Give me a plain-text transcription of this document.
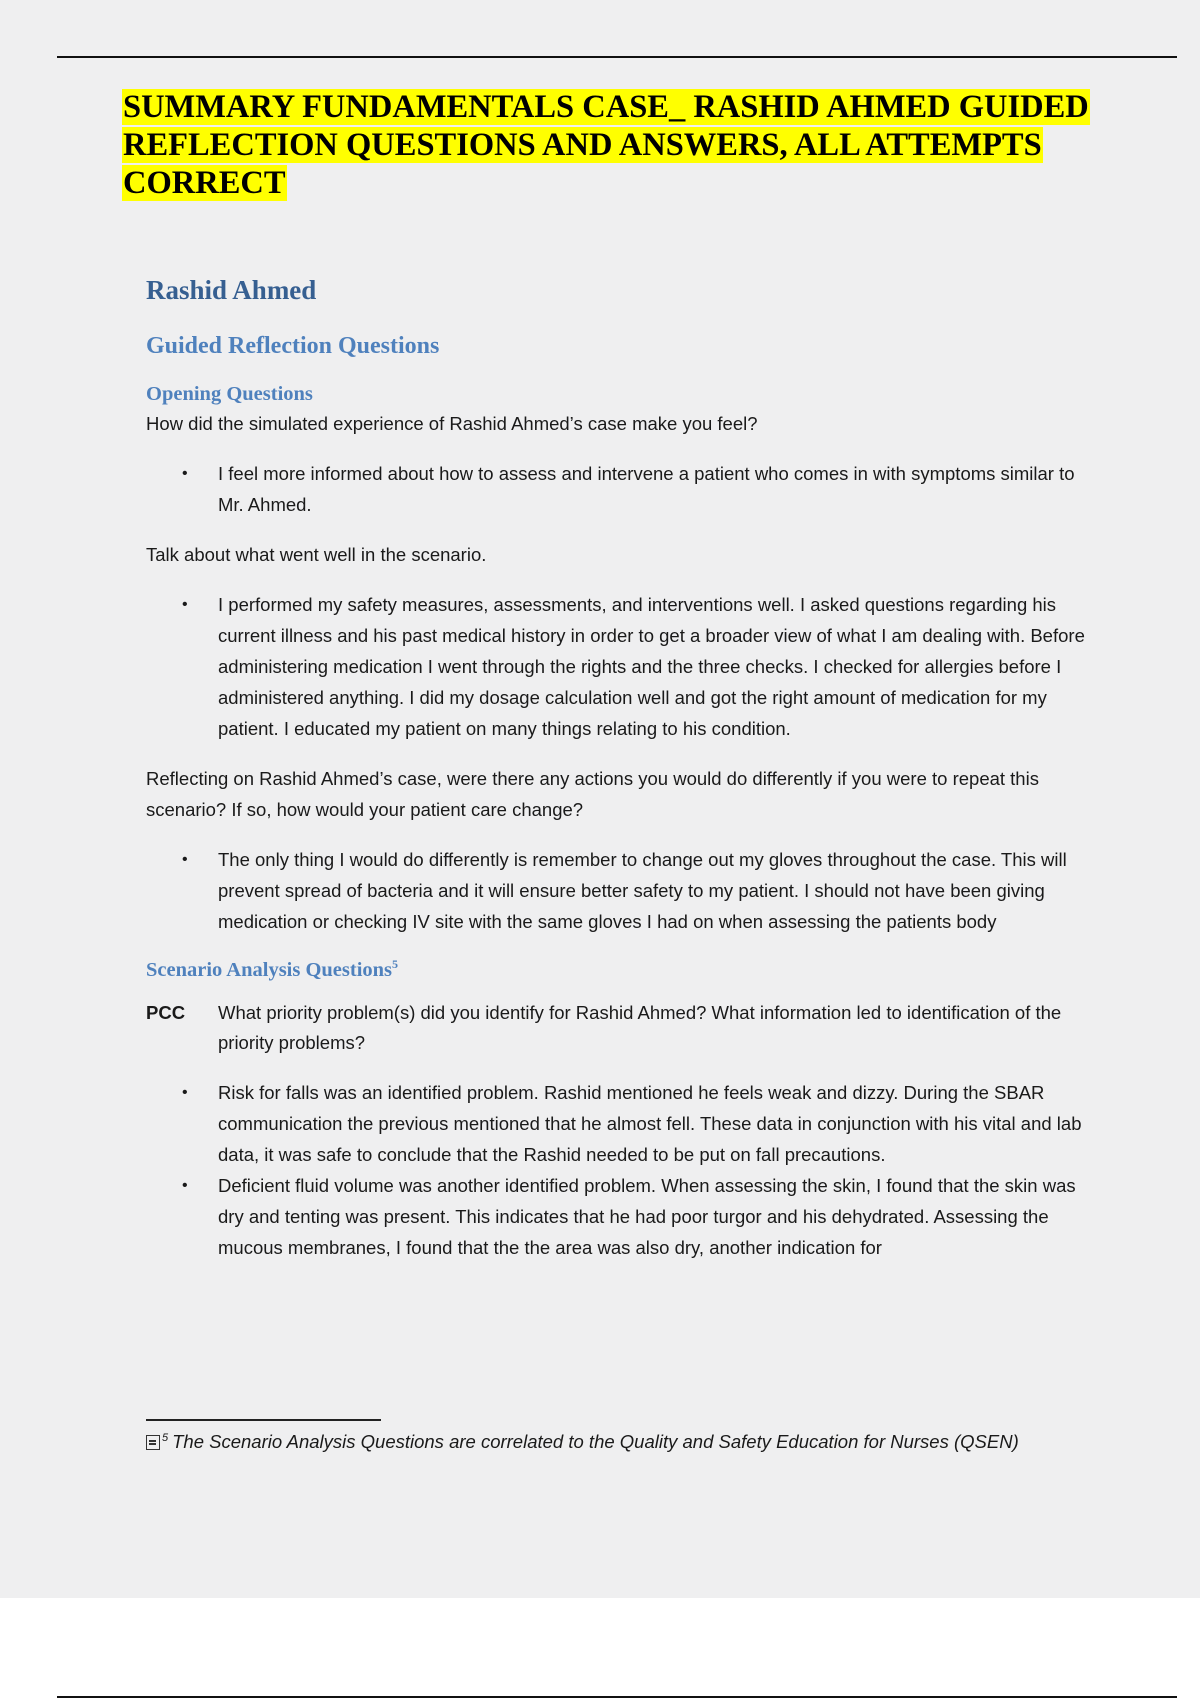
SUMMARY FUNDAMENTALS CASE_ RASHID AHMED GUIDED REFLECTION QUESTIONS AND ANSWERS, ALL ATTEMPTS CORRECT
Rashid Ahmed
Guided Reflection Questions
Opening Questions

How did the simulated experience of Rashid Ahmed’s case make you feel?

• I feel more informed about how to assess and intervene a patient who comes in with symptoms similar to Mr. Ahmed.

Talk about what went well in the scenario.

• I performed my safety measures, assessments, and interventions well. I asked questions regarding his current illness and his past medical history in order to get a broader view of what I am dealing with. Before administering medication I went through the rights and the three checks. I checked for allergies before I administered anything. I did my dosage calculation well and got the right amount of medication for my patient. I educated my patient on many things relating to his condition.

Reflecting on Rashid Ahmed’s case, were there any actions you would do differently if you were to repeat this scenario? If so, how would your patient care change?

• The only thing I would do differently is remember to change out my gloves throughout the case. This will prevent spread of bacteria and it will ensure better safety to my patient. I should not have been giving medication or checking IV site with the same gloves I had on when assessing the patients body
Scenario Analysis Questions$^5$
PCC	What priority problem(s) did you identify for Rashid Ahmed? What information led to identification of the priority problems?
• Risk for falls was an identified problem. Rashid mentioned he feels weak and dizzy. During the SBAR communication the previous mentioned that he almost fell. These data in conjunction with his vital and lab data, it was safe to conclude that the Rashid needed to be put on fall precautions.
• Deficient fluid volume was another identified problem. When assessing the skin, I found that the skin was dry and tenting was present. This indicates that he had poor turgor and his dehydrated. Assessing the mucous membranes, I found that the the area was also dry, another indication for
$^5$ The Scenario Analysis Questions are correlated to the Quality and Safety Education for Nurses (QSEN)
